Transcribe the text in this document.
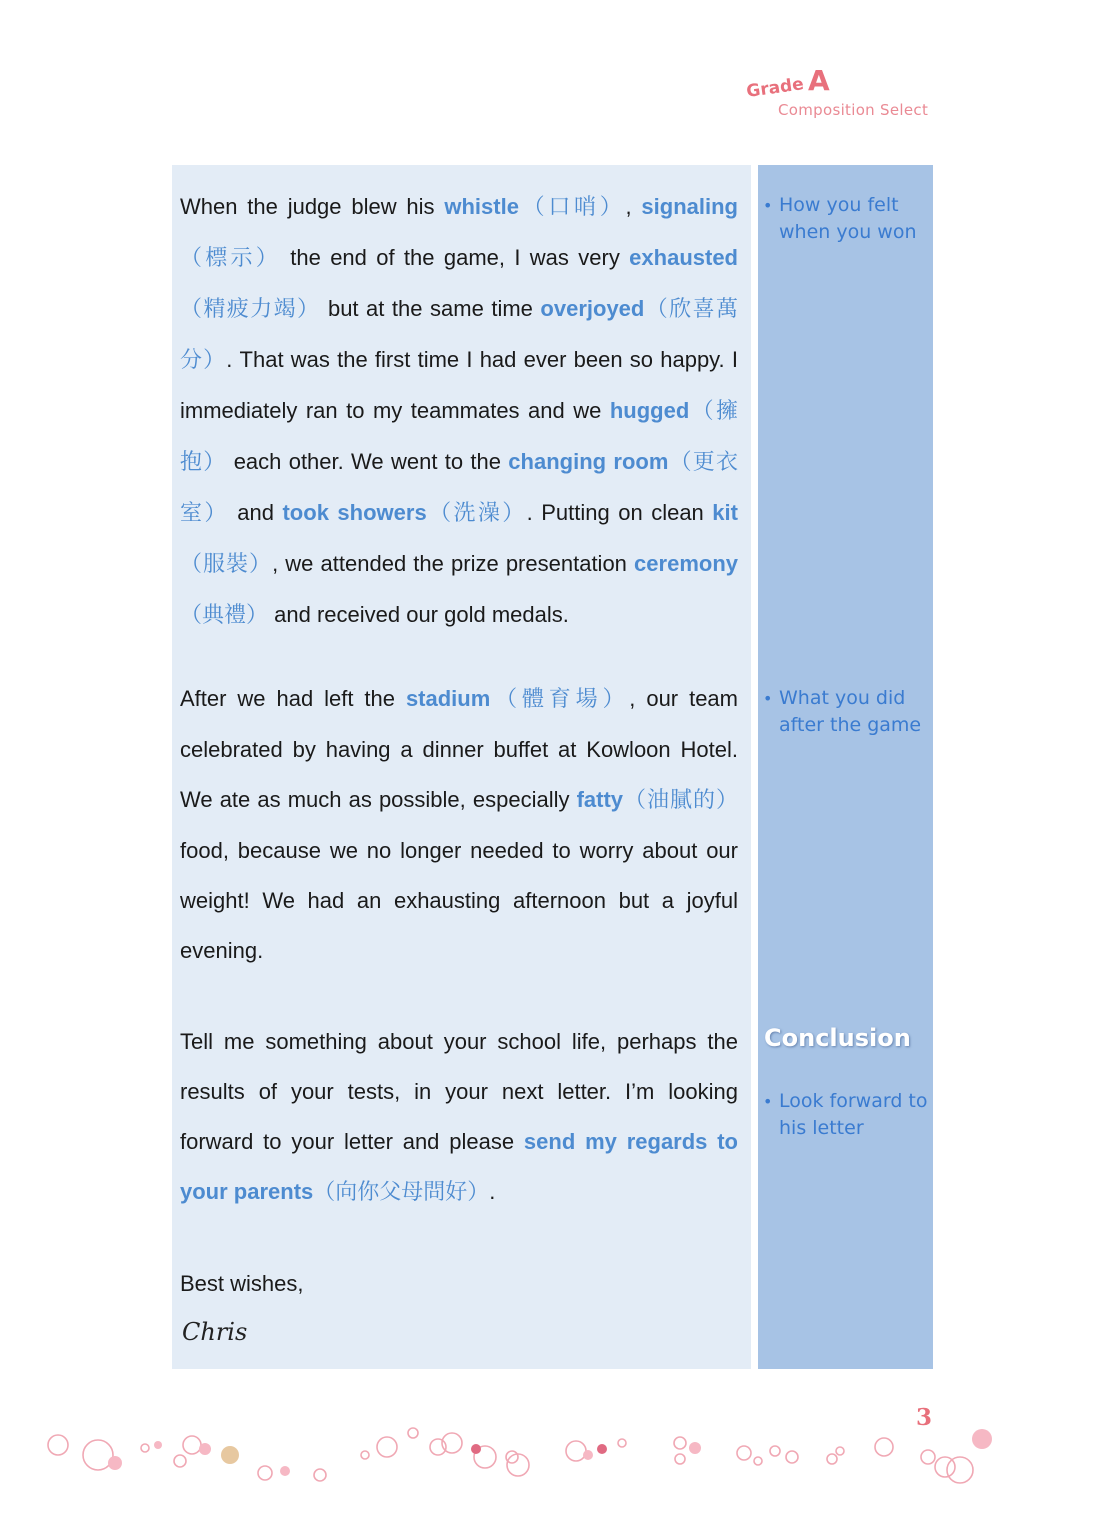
Grade A
Composition Select
When the judge blew his whistle（口哨）, signaling（標示） the end of the game, I was very exhausted（精疲力竭） but at the same time overjoyed（欣喜萬分）. That was the first time I had ever been so happy. I immediately ran to my teammates and we hugged（擁抱） each other. We went to the changing room（更衣室） and took showers（洗澡）. Putting on clean kit（服裝）, we attended the prize presentation ceremony（典禮） and received our gold medals.
After we had left the stadium（體育場）, our team celebrated by having a dinner buffet at Kowloon Hotel. We ate as much as possible, especially fatty（油膩的） food, because we no longer needed to worry about our weight! We had an exhausting afternoon but a joyful evening.
Tell me something about your school life, perhaps the results of your tests, in your next letter. I’m looking forward to your letter and please send my regards to your parents（向你父母問好）.
Best wishes,
Chris
• How you felt when you won
• What you did after the game
Conclusion
• Look forward to his letter
3
